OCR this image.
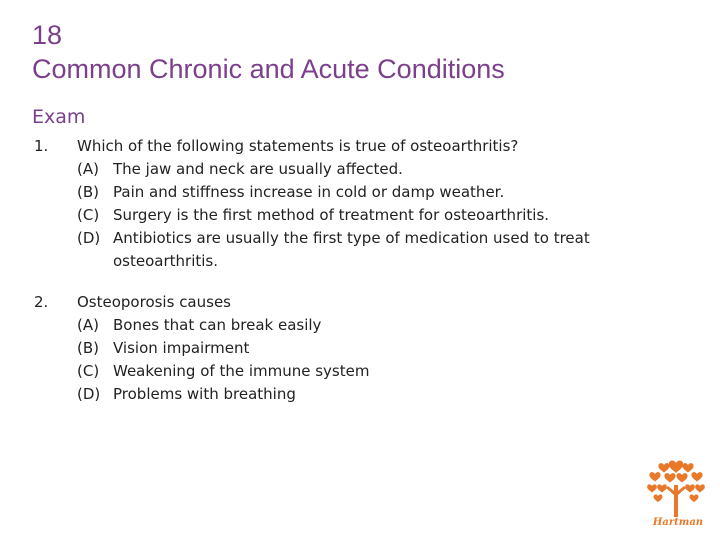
18
Common Chronic and Acute Conditions
Exam
1. Which of the following statements is true of osteoarthritis?
(A) The jaw and neck are usually affected.
(B) Pain and stiffness increase in cold or damp weather.
(C) Surgery is the first method of treatment for osteoarthritis.
(D) Antibiotics are usually the first type of medication used to treat osteoarthritis.
2. Osteoporosis causes
(A) Bones that can break easily
(B) Vision impairment
(C) Weakening of the immune system
(D) Problems with breathing
Hartman
